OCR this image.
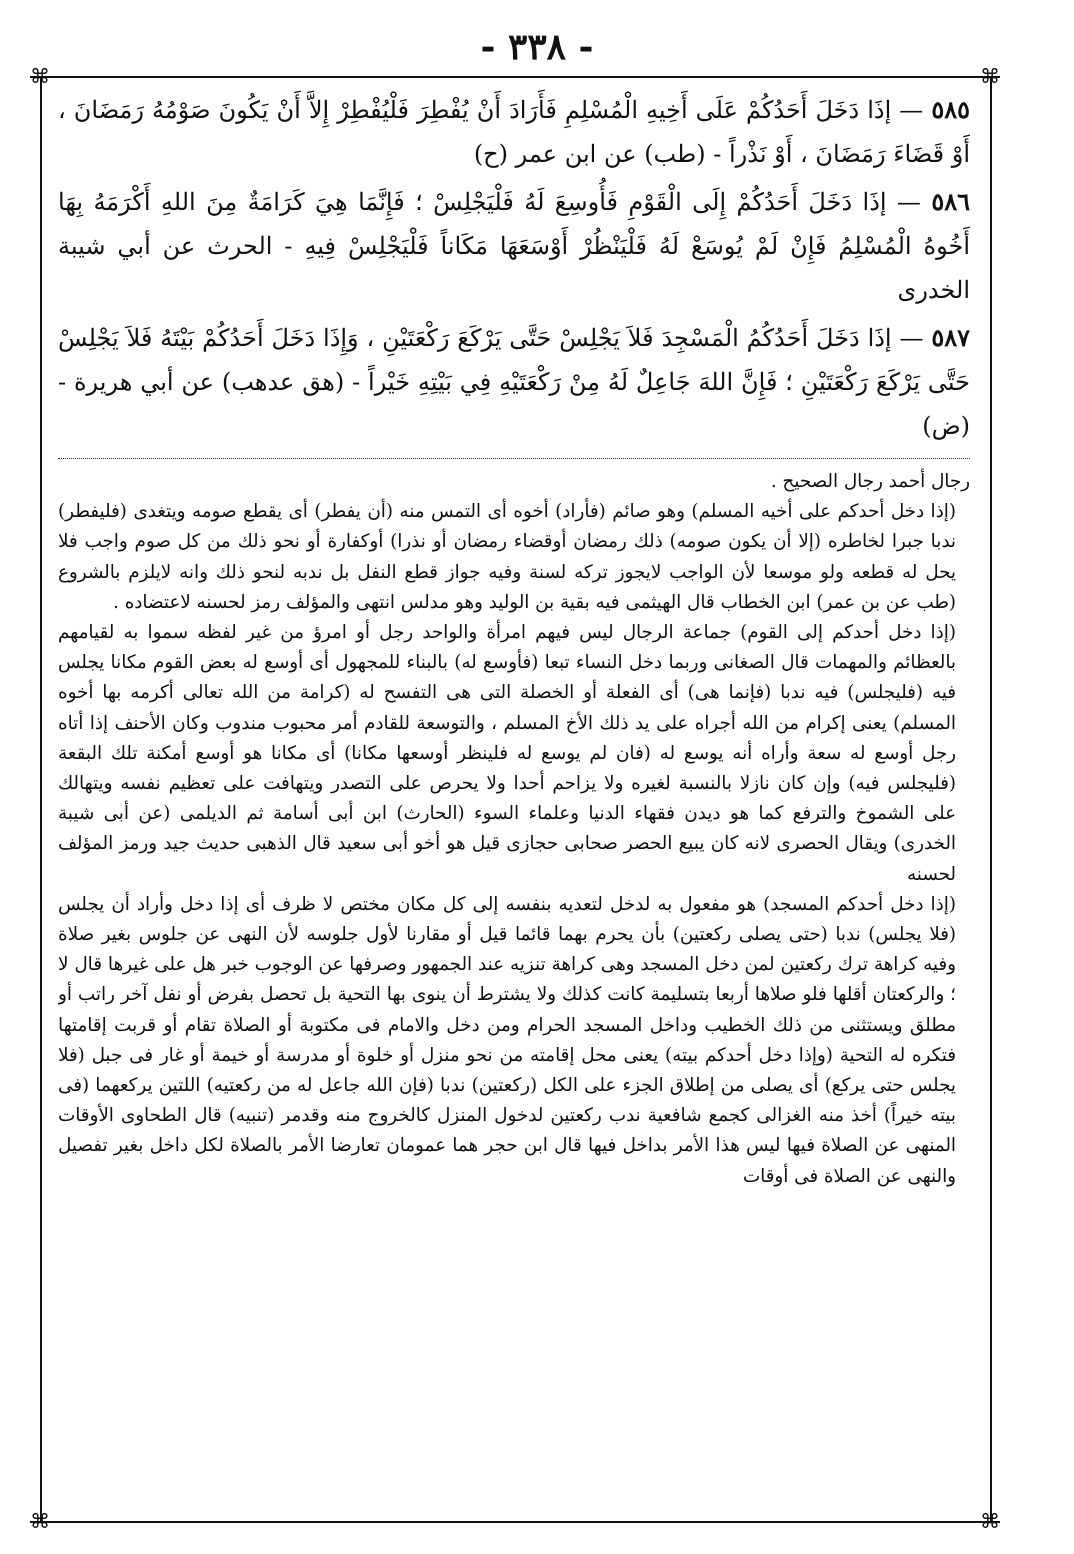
- ٣٣٨ -
⌘	⌘
⌘	⌘

٥٨٥ — إذَا دَخَلَ أَحَدُكُمْ عَلَى أَخِيهِ الْمُسْلِمِ فَأَرَادَ أَنْ يُفْطِرَ فَلْيُفْطِرْ إِلاَّ أَنْ يَكُونَ صَوْمُهُ رَمَضَانَ ، أَوْ قَضَاءَ رَمَضَانَ ، أَوْ نَذْراً - (طب) عن ابن عمر (ح)

٥٨٦ — إذَا دَخَلَ أَحَدُكُمْ إِلَى الْقَوْمِ فَأُوسِعَ لَهُ فَلْيَجْلِسْ ؛ فَإِنَّمَا هِيَ كَرَامَةٌ مِنَ اللهِ أَكْرَمَهُ بِهَا أَخُوهُ الْمُسْلِمُ فَإِنْ لَمْ يُوسَعْ لَهُ فَلْيَنْظُرْ أَوْسَعَهَا مَكَاناً فَلْيَجْلِسْ فِيهِ - الحرث عن أبي شيبة الخدرى

٥٨٧ — إذَا دَخَلَ أَحَدُكُمُ الْمَسْجِدَ فَلاَ يَجْلِسْ حَتَّى يَرْكَعَ رَكْعَتَيْنِ ، وَإِذَا دَخَلَ أَحَدُكُمْ بَيْتَهُ فَلاَ يَجْلِسْ حَتَّى يَرْكَعَ رَكْعَتَيْنِ ؛ فَإِنَّ اللهَ جَاعِلٌ لَهُ مِنْ رَكْعَتَيْهِ فِي بَيْتِهِ خَيْراً - (هق عدهب) عن أبي هريرة - (ض)

رجال أحمد رجال الصحيح .

(إذا دخل أحدكم على أخيه المسلم) وهو صائم (فأراد) أخوه أى التمس منه (أن يفطر) أى يقطع صومه ويتغدى (فليفطر) ندبا جبرا لخاطره (إلا أن يكون صومه) ذلك رمضان أوقضاء رمضان أو نذرا) أوكفارة أو نحو ذلك من كل صوم واجب فلا يحل له قطعه ولو موسعا لأن الواجب لايجوز تركه لسنة وفيه جواز قطع النفل بل ندبه لنحو ذلك وانه لايلزم بالشروع (طب عن بن عمر) ابن الخطاب قال الهيثمى فيه بقية بن الوليد وهو مدلس انتهى والمؤلف رمز لحسنه لاعتضاده .

(إذا دخل أحدكم إلى القوم) جماعة الرجال ليس فيهم امرأة والواحد رجل أو امرؤ من غير لفظه سموا به لقيامهم بالعظائم والمهمات قال الصغانى وربما دخل النساء تبعا (فأوسع له) بالبناء للمجهول أى أوسع له بعض القوم مكانا يجلس فيه (فليجلس) فيه ندبا (فإنما هى) أى الفعلة أو الخصلة التى هى التفسح له (كرامة من الله تعالى أكرمه بها أخوه المسلم) يعنى إكرام من الله أجراه على يد ذلك الأخ المسلم ، والتوسعة للقادم أمر محبوب مندوب وكان الأحنف إذا أتاه رجل أوسع له سعة وأراه أنه يوسع له (فان لم يوسع له فلينظر أوسعها مكانا) أى مكانا هو أوسع أمكنة تلك البقعة (فليجلس فيه) وإن كان نازلا بالنسبة لغيره ولا يزاحم أحدا ولا يحرص على التصدر ويتهافت على تعظيم نفسه ويتهالك على الشموخ والترفع كما هو ديدن فقهاء الدنيا وعلماء السوء (الحارث) ابن أبى أسامة ثم الديلمى (عن أبى شيبة الخدرى) ويقال الحصرى لانه كان يبيع الحصر صحابى حجازى قيل هو أخو أبى سعيد قال الذهبى حديث جيد ورمز المؤلف لحسنه

(إذا دخل أحدكم المسجد) هو مفعول به لدخل لتعديه بنفسه إلى كل مكان مختص لا ظرف أى إذا دخل وأراد أن يجلس (فلا يجلس) ندبا (حتى يصلى ركعتين) بأن يحرم بهما قائما قيل أو مقارنا لأول جلوسه لأن النهى عن جلوس بغير صلاة وفيه كراهة ترك ركعتين لمن دخل المسجد وهى كراهة تنزيه عند الجمهور وصرفها عن الوجوب خبر هل على غيرها قال لا ؛ والركعتان أقلها فلو صلاها أربعا بتسليمة كانت كذلك ولا يشترط أن ينوى بها التحية بل تحصل بفرض أو نفل آخر راتب أو مطلق ويستثنى من ذلك الخطيب وداخل المسجد الحرام ومن دخل والامام فى مكتوبة أو الصلاة تقام أو قربت إقامتها فتكره له التحية (وإذا دخل أحدكم بيته) يعنى محل إقامته من نحو منزل أو خلوة أو مدرسة أو خيمة أو غار فى جبل (فلا يجلس حتى يركع) أى يصلى من إطلاق الجزء على الكل (ركعتين) ندبا (فإن الله جاعل له من ركعتيه) اللتين يركعهما (فى بيته خيراً) أخذ منه الغزالى كجمع شافعية ندب ركعتين لدخول المنزل كالخروج منه وقدمر (تنبيه) قال الطحاوى الأوقات المنهى عن الصلاة فيها ليس هذا الأمر بداخل فيها قال ابن حجر هما عمومان تعارضا الأمر بالصلاة لكل داخل بغير تفصيل والنهى عن الصلاة فى أوقات
